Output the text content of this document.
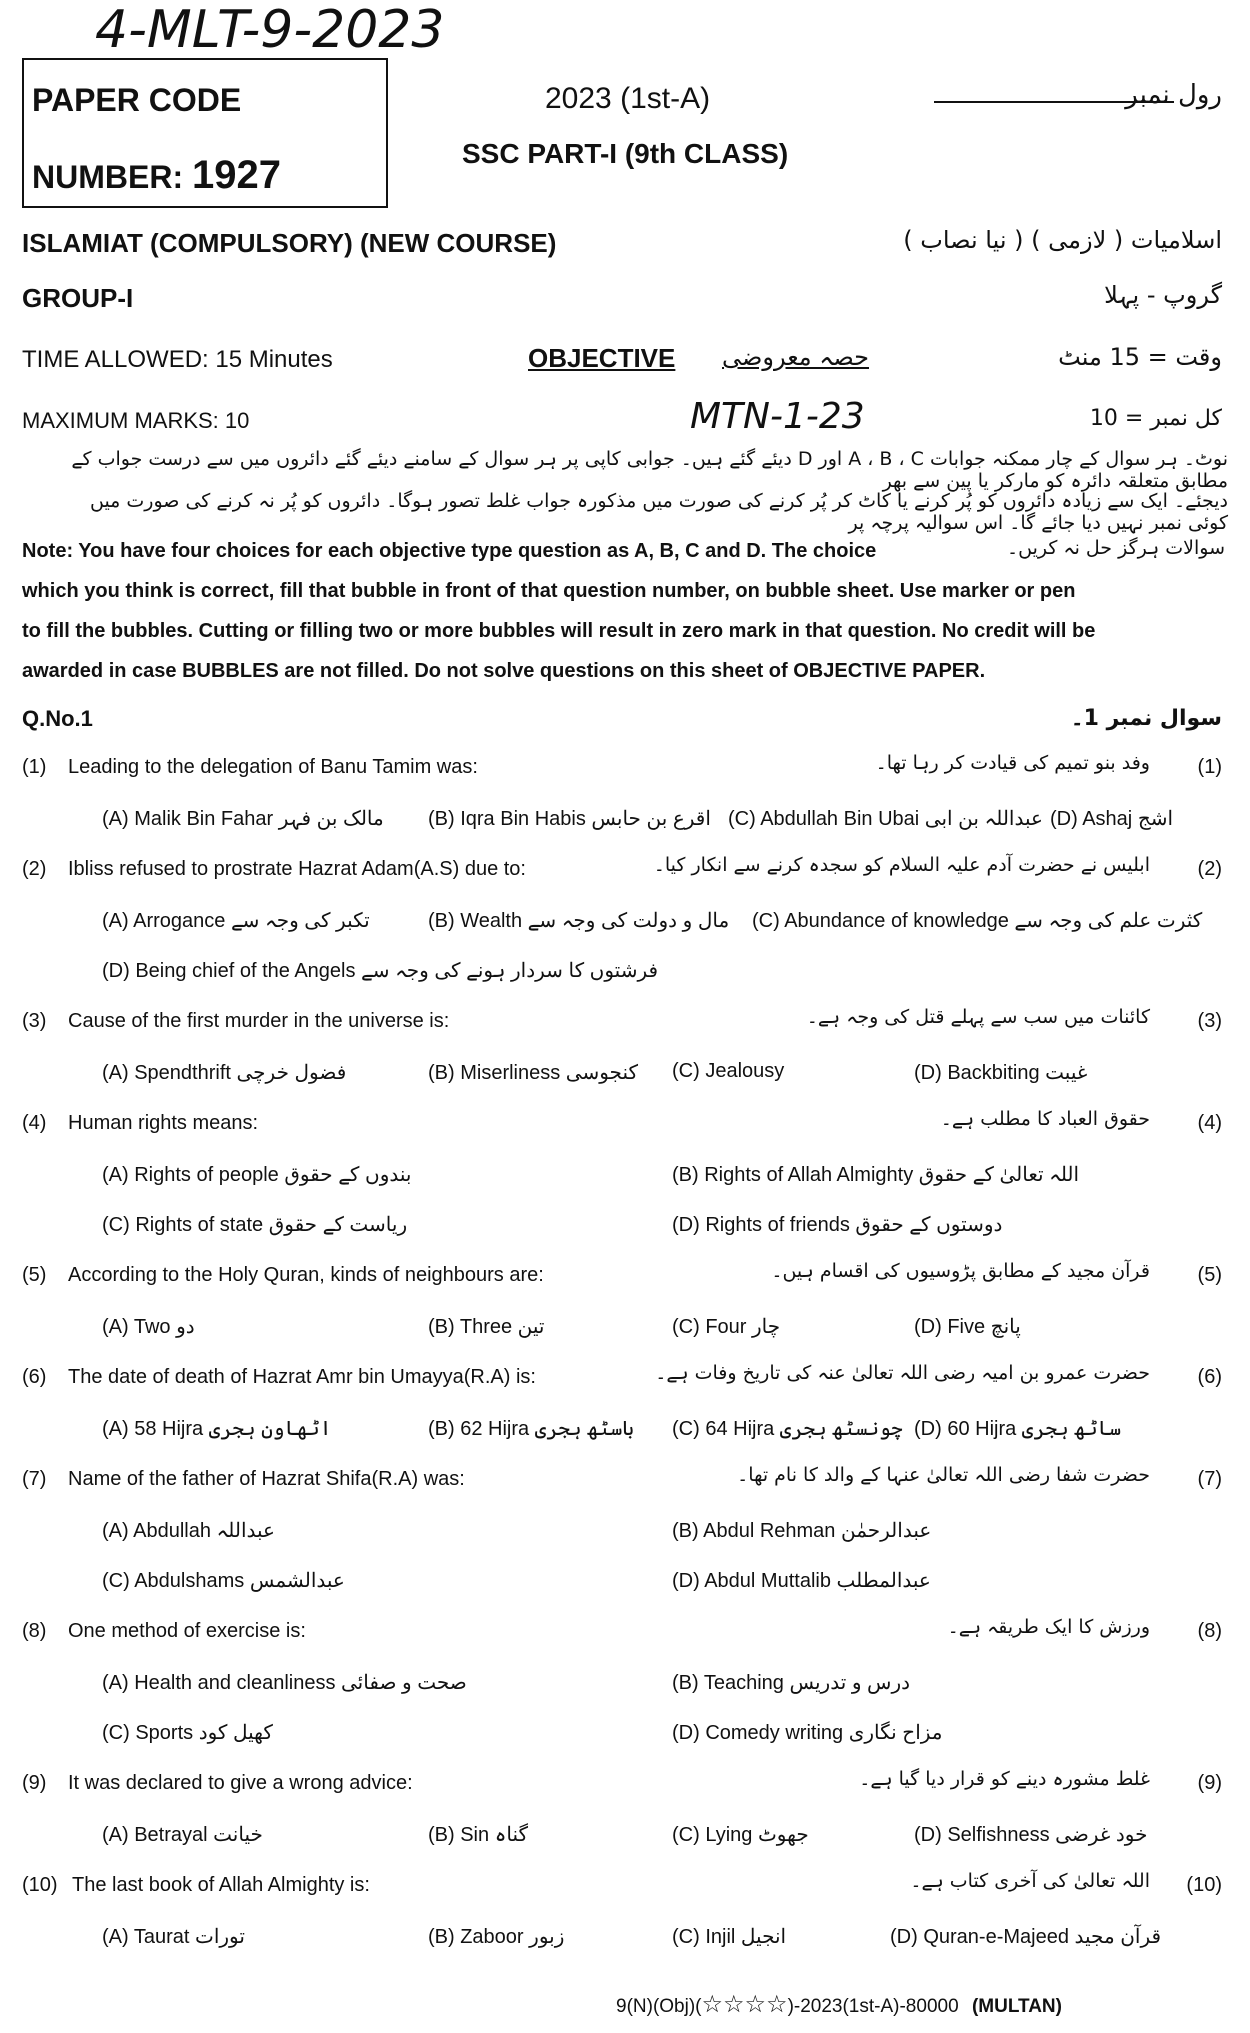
4-MLT-9-2023
PAPER CODE
NUMBER: 1927
2023 (1st-A)
SSC PART-I (9th CLASS)
رول نمبر
ISLAMIAT (COMPULSORY) (NEW COURSE)	اسلامیات ( لازمی ) ( نیا نصاب )
GROUP-I	گروپ - پہلا
TIME ALLOWED: 15 Minutes	OBJECTIVE حصہ معروضی	وقت = 15 منٹ
MAXIMUM MARKS: 10	MTN-1-23	کل نمبر = 10
نوٹ۔ ہر سوال کے چار ممکنہ جوابات A ، B ، C اور D دیئے گئے ہیں۔ جوابی کاپی پر ہر سوال کے سامنے دیئے گئے دائروں میں سے درست جواب کے مطابق متعلقہ دائرہ کو مارکر یا پین سے بھر
دیجئے۔ ایک سے زیادہ دائروں کو پُر کرنے یا کاٹ کر پُر کرنے کی صورت میں مذکورہ جواب غلط تصور ہوگا۔ دائروں کو پُر نہ کرنے کی صورت میں کوئی نمبر نہیں دیا جائے گا۔ اس سوالیہ پرچہ پر
سوالات ہرگز حل نہ کریں۔
Note: You have four choices for each objective type question as A, B, C and D. The choice
which you think is correct, fill that bubble in front of that question number, on bubble sheet. Use marker or pen
to fill the bubbles. Cutting or filling two or more bubbles will result in zero mark in that question. No credit will be
awarded in case BUBBLES are not filled. Do not solve questions on this sheet of OBJECTIVE PAPER.
Q.No.1	سوال نمبر 1۔
(1) Leading to the delegation of Banu Tamim was:	وفد بنو تمیم کی قیادت کر رہا تھا۔ (1)
(A) Malik Bin Fahar مالک بن فہر (B) Iqra Bin Habis اقرع بن حابس (C) Abdullah Bin Ubai عبداللہ بن ابی (D) Ashaj اشج
(2) Ibliss refused to prostrate Hazrat Adam(A.S) due to:	ابلیس نے حضرت آدم علیہ السلام کو سجدہ کرنے سے انکار کیا۔ (2)
(A) Arrogance تکبر کی وجہ سے	(B) Wealth مال و دولت کی وجہ سے (C) Abundance of knowledge کثرت علم کی وجہ سے
(D) Being chief of the Angels فرشتوں کا سردار ہونے کی وجہ سے
(3) Cause of the first murder in the universe is:	کائنات میں سب سے پہلے قتل کی وجہ ہے۔ (3)
(A) Spendthrift فضول خرچی	(B) Miserliness کنجوسی (C) Jealousy	(D) Backbiting غیبت
(4) Human rights means:	حقوق العباد کا مطلب ہے۔ (4)
(A) Rights of people بندوں کے حقوق	(B) Rights of Allah Almighty اللہ تعالیٰ کے حقوق
(C) Rights of state ریاست کے حقوق	(D) Rights of friends دوستوں کے حقوق
(5) According to the Holy Quran, kinds of neighbours are:	قرآن مجید کے مطابق پڑوسیوں کی اقسام ہیں۔ (5)
(A) Two دو	(B) Three تین	(C) Four چار	(D) Five پانچ
(6) The date of death of Hazrat Amr bin Umayya(R.A) is:	حضرت عمرو بن امیہ رضی اللہ تعالیٰ عنہ کی تاریخ وفات ہے۔ (6)
(A) 58 Hijra اٹھاون ہجری	(B) 62 Hijra باسٹھ ہجری (C) 64 Hijra چونسٹھ ہجری (D) 60 Hijra ساٹھ ہجری
(7) Name of the father of Hazrat Shifa(R.A) was:	حضرت شفا رضی اللہ تعالیٰ عنہا کے والد کا نام تھا۔ (7)
(A) Abdullah عبداللہ	(B) Abdul Rehman عبدالرحمٰن
(C) Abdulshams عبدالشمس	(D) Abdul Muttalib عبدالمطلب
(8) One method of exercise is:	ورزش کا ایک طریقہ ہے۔ (8)
(A) Health and cleanliness صحت و صفائی	(B) Teaching درس و تدریس
(C) Sports کھیل کود	(D) Comedy writing مزاح نگاری
(9) It was declared to give a wrong advice:	غلط مشورہ دینے کو قرار دیا گیا ہے۔ (9)
(A) Betrayal خیانت	(B) Sin گناہ	(C) Lying جھوٹ	(D) Selfishness خود غرضی
(10) The last book of Allah Almighty is:	اللہ تعالیٰ کی آخری کتاب ہے۔ (10)
(A) Taurat تورات	(B) Zaboor زبور	(C) Injil انجیل	(D) Quran-e-Majeed قرآن مجید
9(N)(Obj)(☆☆☆☆)-2023(1st-A)-80000 (MULTAN)
